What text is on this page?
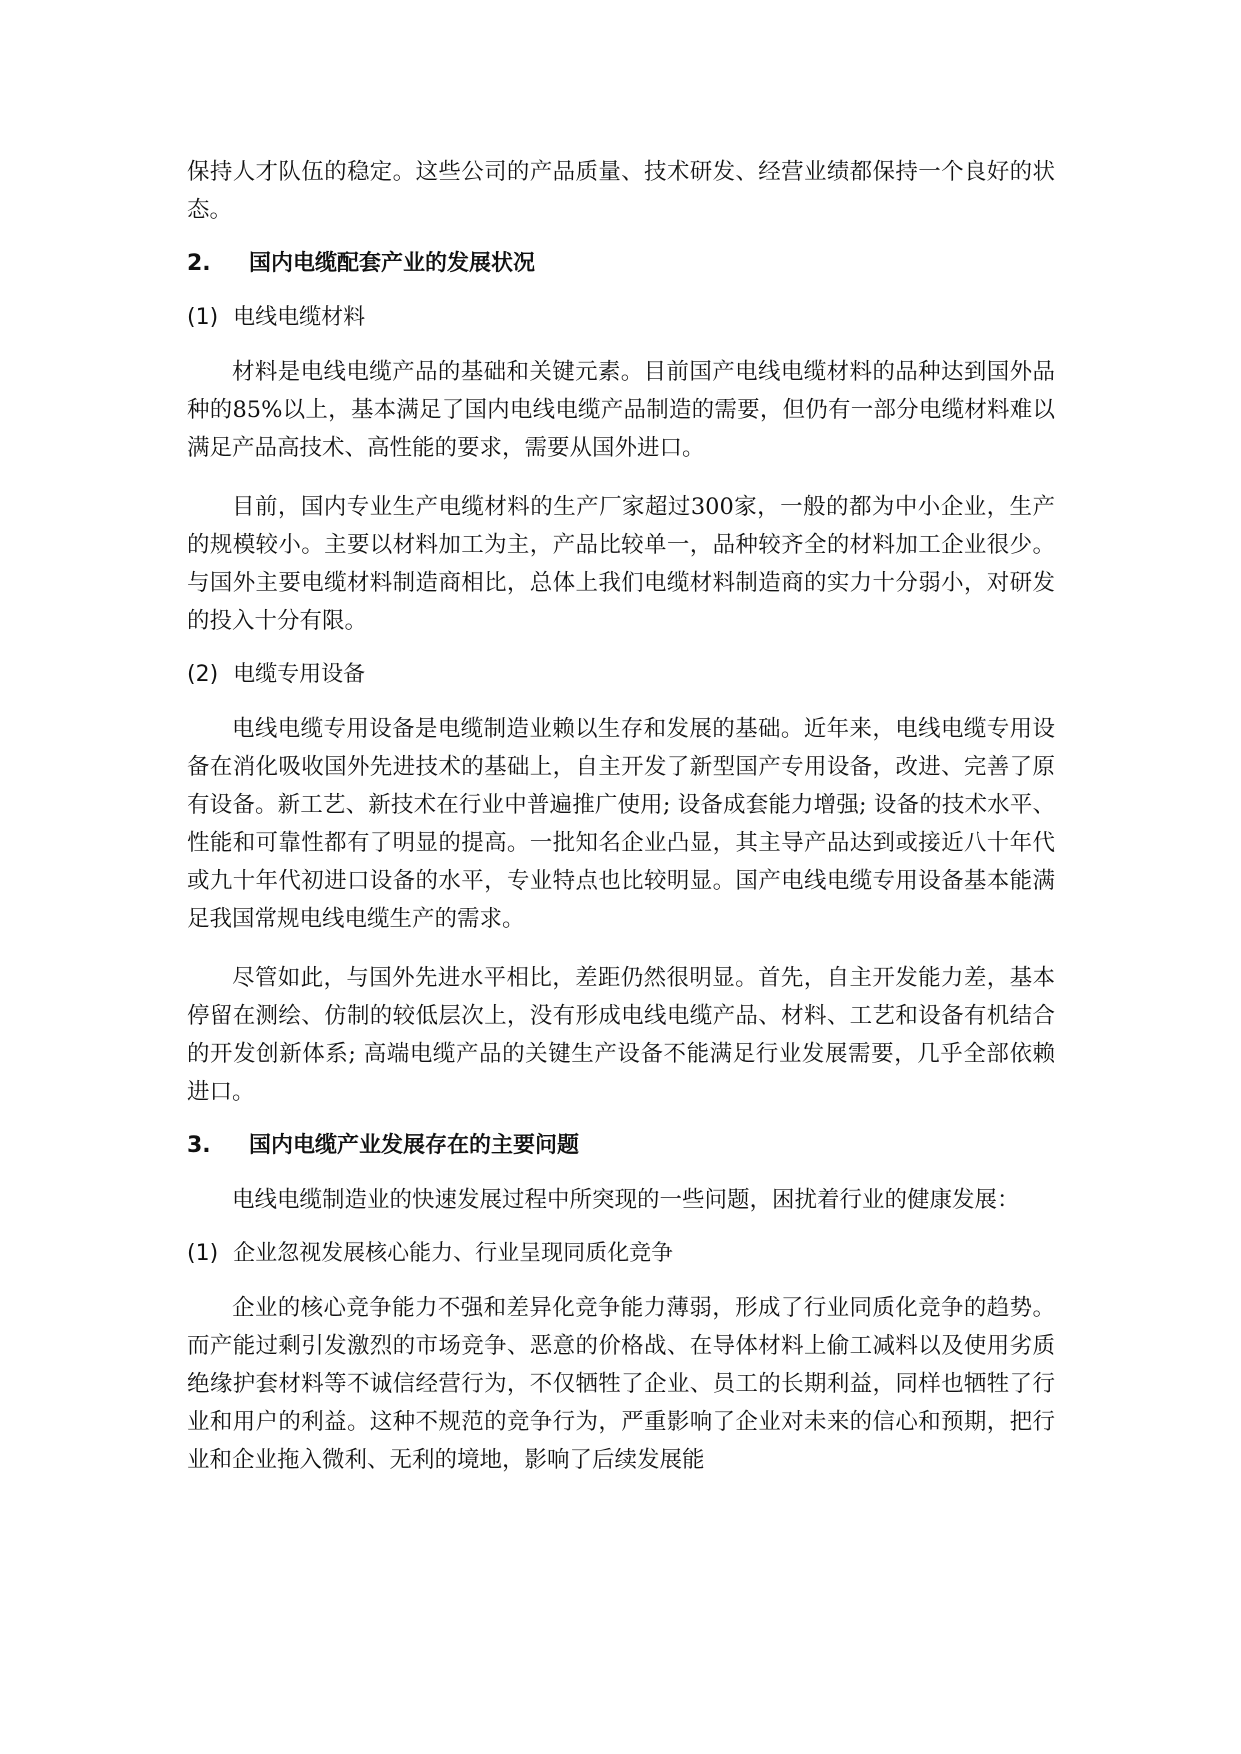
保持人才队伍的稳定。这些公司的产品质量、技术研发、经营业绩都保持一个良好的状态。

2.	国内电缆配套产业的发展状况
(1) 电线电缆材料

材料是电线电缆产品的基础和关键元素。目前国产电线电缆材料的品种达到国外品种的85%以上，基本满足了国内电线电缆产品制造的需要，但仍有一部分电缆材料难以满足产品高技术、高性能的要求，需要从国外进口。

目前，国内专业生产电缆材料的生产厂家超过300家，一般的都为中小企业，生产的规模较小。主要以材料加工为主，产品比较单一，品种较齐全的材料加工企业很少。与国外主要电缆材料制造商相比，总体上我们电缆材料制造商的实力十分弱小，对研发的投入十分有限。

(2) 电缆专用设备

电线电缆专用设备是电缆制造业赖以生存和发展的基础。近年来，电线电缆专用设备在消化吸收国外先进技术的基础上，自主开发了新型国产专用设备，改进、完善了原有设备。新工艺、新技术在行业中普遍推广使用; 设备成套能力增强; 设备的技术水平、性能和可靠性都有了明显的提高。一批知名企业凸显，其主导产品达到或接近八十年代或九十年代初进口设备的水平，专业特点也比较明显。国产电线电缆专用设备基本能满足我国常规电线电缆生产的需求。

尽管如此，与国外先进水平相比，差距仍然很明显。首先，自主开发能力差，基本停留在测绘、仿制的较低层次上，没有形成电线电缆产品、材料、工艺和设备有机结合的开发创新体系; 高端电缆产品的关键生产设备不能满足行业发展需要，几乎全部依赖进口。

3.	国内电缆产业发展存在的主要问题

电线电缆制造业的快速发展过程中所突现的一些问题，困扰着行业的健康发展：

(1) 企业忽视发展核心能力、行业呈现同质化竞争

企业的核心竞争能力不强和差异化竞争能力薄弱，形成了行业同质化竞争的趋势。而产能过剩引发激烈的市场竞争、恶意的价格战、在导体材料上偷工减料以及使用劣质绝缘护套材料等不诚信经营行为，不仅牺牲了企业、员工的长期利益，同样也牺牲了行业和用户的利益。这种不规范的竞争行为，严重影响了企业对未来的信心和预期，把行业和企业拖入微利、无利的境地，影响了后续发展能
